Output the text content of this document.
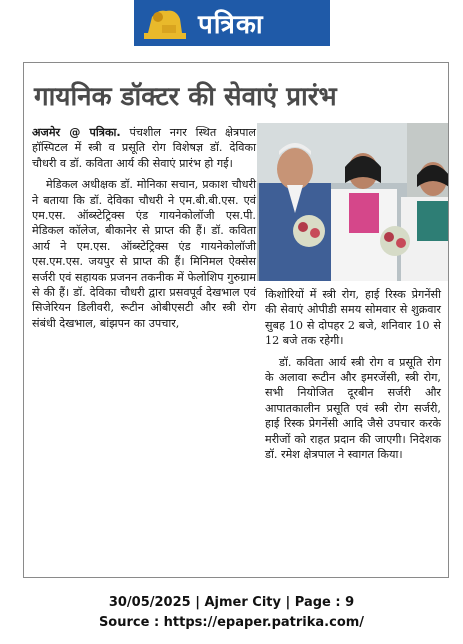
पत्रिका
गायनिक डॉक्टर की सेवाएं प्रारंभ

अजमेर @ पत्रिका. पंचशील नगर स्थित क्षेत्रपाल हॉस्पिटल में स्त्री व प्रसूति रोग विशेषज्ञ डॉ. देविका चौधरी व डॉ. कविता आर्य की सेवाएं प्रारंभ हो गई।

मेडिकल अधीक्षक डॉ. मोनिका सचान, प्रकाश चौधरी ने बताया कि डॉ. देविका चौधरी ने एम.बी.बी.एस. एवं एम.एस. ऑब्स्टेट्रिक्स एंड गायनेकोलॉजी एस.पी. मेडिकल कॉलेज, बीकानेर से प्राप्त की हैं। डॉ. कविता आर्य ने एम.एस. ऑब्स्टेट्रिक्स एंड गायनेकोलॉजी एस.एम.एस. जयपुर से प्राप्त की हैं। मिनिमल ऐक्सेस सर्जरी एवं सहायक प्रजनन तकनीक में फेलोशिप गुरुग्राम से की हैं। डॉ. देविका चौधरी द्वारा प्रसवपूर्व देखभाल एवं सिजेरियन डिलीवरी, रूटीन ओबीएसटी और स्त्री रोग संबंधी देखभाल, बांझपन का उपचार,

किशोरियों में स्त्री रोग, हाई रिस्क प्रेगनेंसी की सेवाएं ओपीडी समय सोमवार से शुक्रवार सुबह 10 से दोपहर 2 बजे, शनिवार 10 से 12 बजे तक रहेगी।

डॉ. कविता आर्य स्त्री रोग व प्रसूति रोग के अलावा रूटीन और इमरजेंसी, स्त्री रोग, सभी नियोजित दूरबीन सर्जरी और आपातकालीन प्रसूति एवं स्त्री रोग सर्जरी, हाई रिस्क प्रेगनेंसी आदि जैसे उपचार करके मरीजों को राहत प्रदान की जाएगी। निदेशक डॉ. रमेश क्षेत्रपाल ने स्वागत किया।

30/05/2025 | Ajmer City | Page : 9
Source : https://epaper.patrika.com/
